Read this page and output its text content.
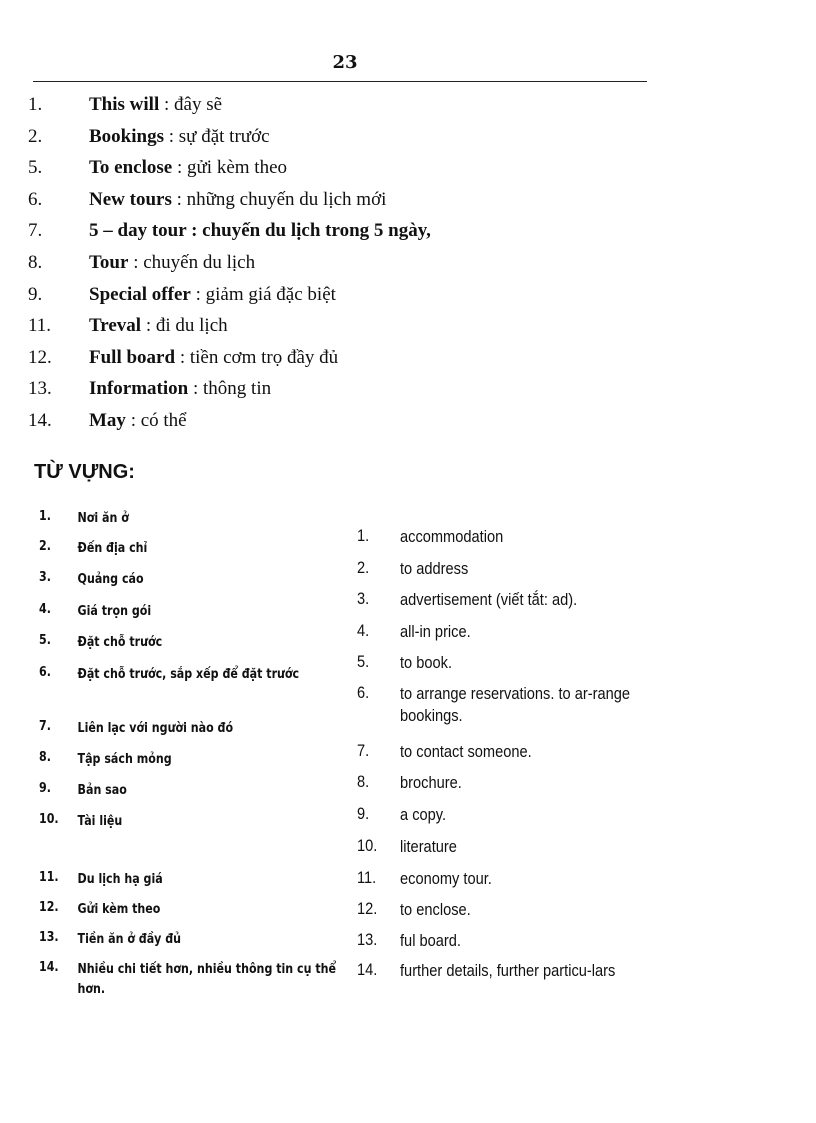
23
1.	This will : đây sẽ
2.	Bookings : sự đặt trước
5.	To enclose : gửi kèm theo
6.	New tours : những chuyến du lịch mới
7.	5 – day tour : chuyến du lịch trong 5 ngày,
8.	Tour : chuyến du lịch
9.	Special offer : giảm giá đặc biệt
11.	Treval : đi du lịch
12.	Full board : tiền cơm trọ đầy đủ
13.	Information : thông tin
14.	May : có thể
TỪ VỰNG:
1.	Nơi ăn ở
2.	Đến địa chỉ
3.	Quảng cáo
4.	Giá trọn gói
5.	Đặt chỗ trước
6.	Đặt chỗ trước, sắp xếp để đặt trước
7.	Liên lạc với người nào đó
8.	Tập sách mỏng
9.	Bản sao
10.	Tài liệu
11.	Du lịch hạ giá
12.	Gửi kèm theo
13.	Tiền ăn ở đầy đủ
14.	Nhiều chi tiết hơn, nhiều thông tin cụ thể hơn.
1.	accommodation
2.	to address
3.	advertisement (viết tắt: ad).
4.	all-in price.
5.	to book.
6.	to arrange reservations. to ar-range bookings.
7.	to contact someone.
8.	brochure.
9.	a copy.
10.	literature
11.	economy tour.
12.	to enclose.
13.	ful board.
14.	further details, further particu-lars
